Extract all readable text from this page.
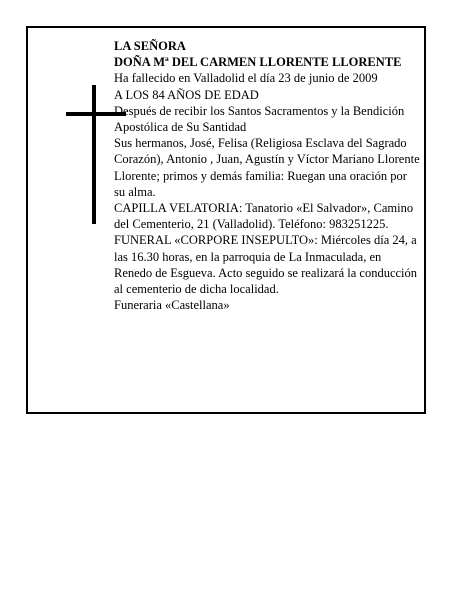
LA SEÑORA

DOÑA Mª DEL CARMEN LLORENTE LLORENTE

Ha fallecido en Valladolid el día 23 de junio de 2009

A LOS 84 AÑOS DE EDAD

Después de recibir los Santos Sacramentos y la Bendición Apostólica de Su Santidad

Sus hermanos, José, Felisa (Religiosa Esclava del Sagrado Corazón), Antonio , Juan, Agustín y Víctor Mariano Llorente Llorente; primos y demás familia: Ruegan una oración por su alma.

CAPILLA VELATORIA: Tanatorio «El Salvador», Camino del Cementerio, 21 (Valladolid). Teléfono: 983251225.

FUNERAL «CORPORE INSEPULTO»: Miércoles día 24, a las 16.30 horas, en la parroquia de La Inmaculada, en Renedo de Esgueva. Acto seguido se realizará la conducción al cementerio de dicha localidad.

Funeraria «Castellana»
